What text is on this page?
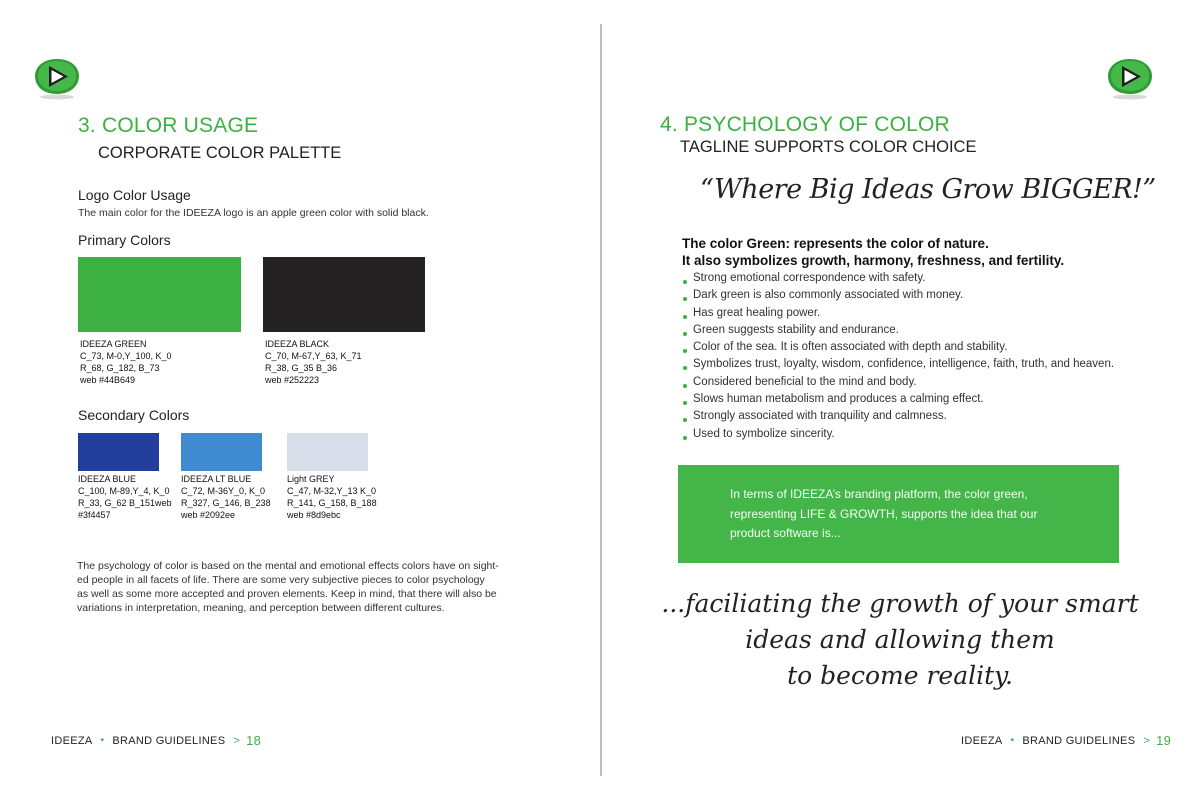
3. COLOR USAGE
CORPORATE COLOR PALETTE
Logo Color Usage
The main color for the IDEEZA logo is an apple green color with solid black.
Primary Colors
IDEEZA GREEN
C_73, M-0,Y_100, K_0
R_68, G_182, B_73
web #44B649
IDEEZA BLACK
C_70, M-67,Y_63, K_71
R_38, G_35 B_36
web #252223
Secondary Colors
IDEEZA BLUE
C_100, M-89,Y_4, K_0
R_33, G_62 B_151web
#3f4457
IDEEZA LT BLUE
C_72, M-36Y_0, K_0
R_327, G_146, B_238
web #2092ee
Light GREY
C_47, M-32,Y_13 K_0
R_141, G_158, B_188
web #8d9ebc
The psychology of color is based on the mental and emotional effects colors have on sight-
ed people in all facets of life. There are some very subjective pieces to color psychology
as well as some more accepted and proven elements. Keep in mind, that there will also be
variations in interpretation, meaning, and perception between different cultures.
IDEEZA • BRAND GUIDELINES > 18
4. PSYCHOLOGY OF COLOR
TAGLINE SUPPORTS COLOR CHOICE
“Where Big Ideas Grow BIGGER!”
The color Green: represents the color of nature.
It also symbolizes growth, harmony, freshness, and fertility.
Strong emotional correspondence with safety.
Dark green is also commonly associated with money.
Has great healing power.
Green suggests stability and endurance.
Color of the sea. It is often associated with depth and stability.
Symbolizes trust, loyalty, wisdom, confidence, intelligence, faith, truth, and heaven.
Considered beneficial to the mind and body.
Slows human metabolism and produces a calming effect.
Strongly associated with tranquility and calmness.
Used to symbolize sincerity.
In terms of IDEEZA’s branding platform, the color green,
representing LIFE & GROWTH, supports the idea that our
product software is...
...faciliating the growth of your smart
ideas and allowing them
to become reality.
IDEEZA • BRAND GUIDELINES > 19
